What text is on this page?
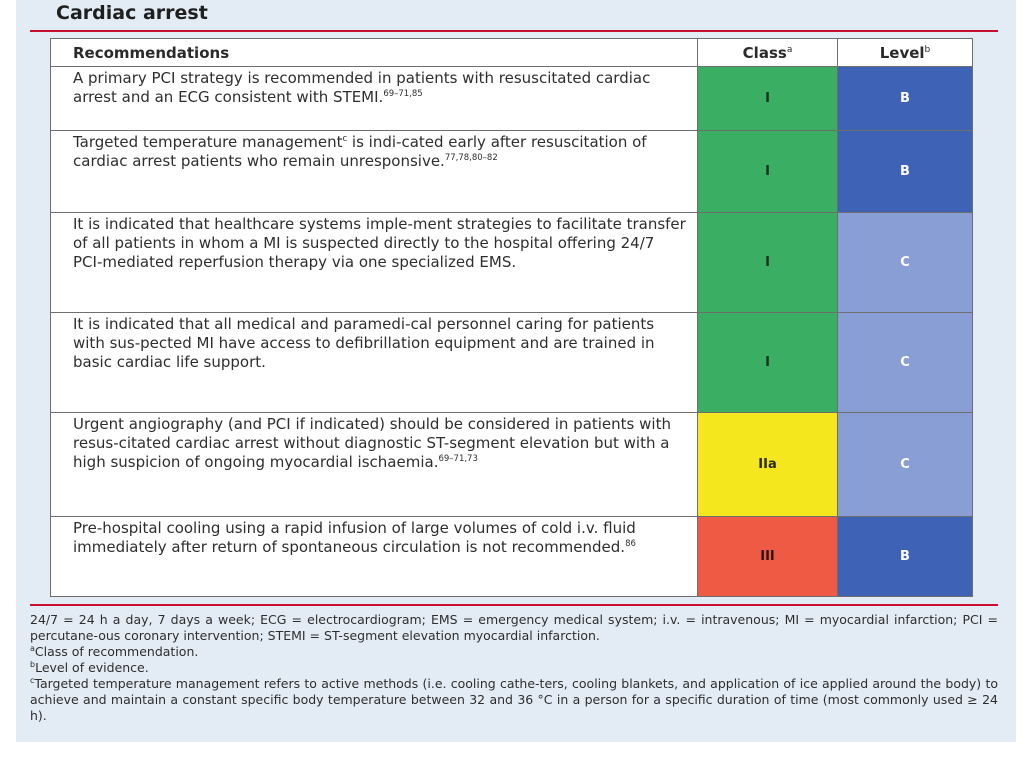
Cardiac arrest
Recommendations	Class$^a$	Level$^b$
A primary PCI strategy is recommended in patients with resuscitated cardiac arrest and an ECG consistent with STEMI.$^{69-71,85}$	I	B
Targeted temperature management$^c$ is indi-cated early after resuscitation of cardiac arrest patients who remain unresponsive.$^{77,78,80-82}$	I	B
It is indicated that healthcare systems imple-ment strategies to facilitate transfer of all patients in whom a MI is suspected directly to the hospital offering 24/7 PCI-mediated reperfusion therapy via one specialized EMS.	I	C
It is indicated that all medical and paramedi-cal personnel caring for patients with sus-pected MI have access to defibrillation equipment and are trained in basic cardiac life support.	I	C
Urgent angiography (and PCI if indicated) should be considered in patients with resus-citated cardiac arrest without diagnostic ST-segment elevation but with a high suspicion of ongoing myocardial ischaemia.$^{69-71,73}$	IIa	C
Pre-hospital cooling using a rapid infusion of large volumes of cold i.v. fluid immediately after return of spontaneous circulation is not recommended.$^{86}$	III	B

24/7 = 24 h a day, 7 days a week; ECG = electrocardiogram; EMS = emergency medical system; i.v. = intravenous; MI = myocardial infarction; PCI = percutane-ous coronary intervention; STEMI = ST-segment elevation myocardial infarction.

$^a$Class of recommendation.

$^b$Level of evidence.

$^c$Targeted temperature management refers to active methods (i.e. cooling cathe-ters, cooling blankets, and application of ice applied around the body) to achieve and maintain a constant specific body temperature between 32 and 36 °C in a person for a specific duration of time (most commonly used ≥ 24 h).
